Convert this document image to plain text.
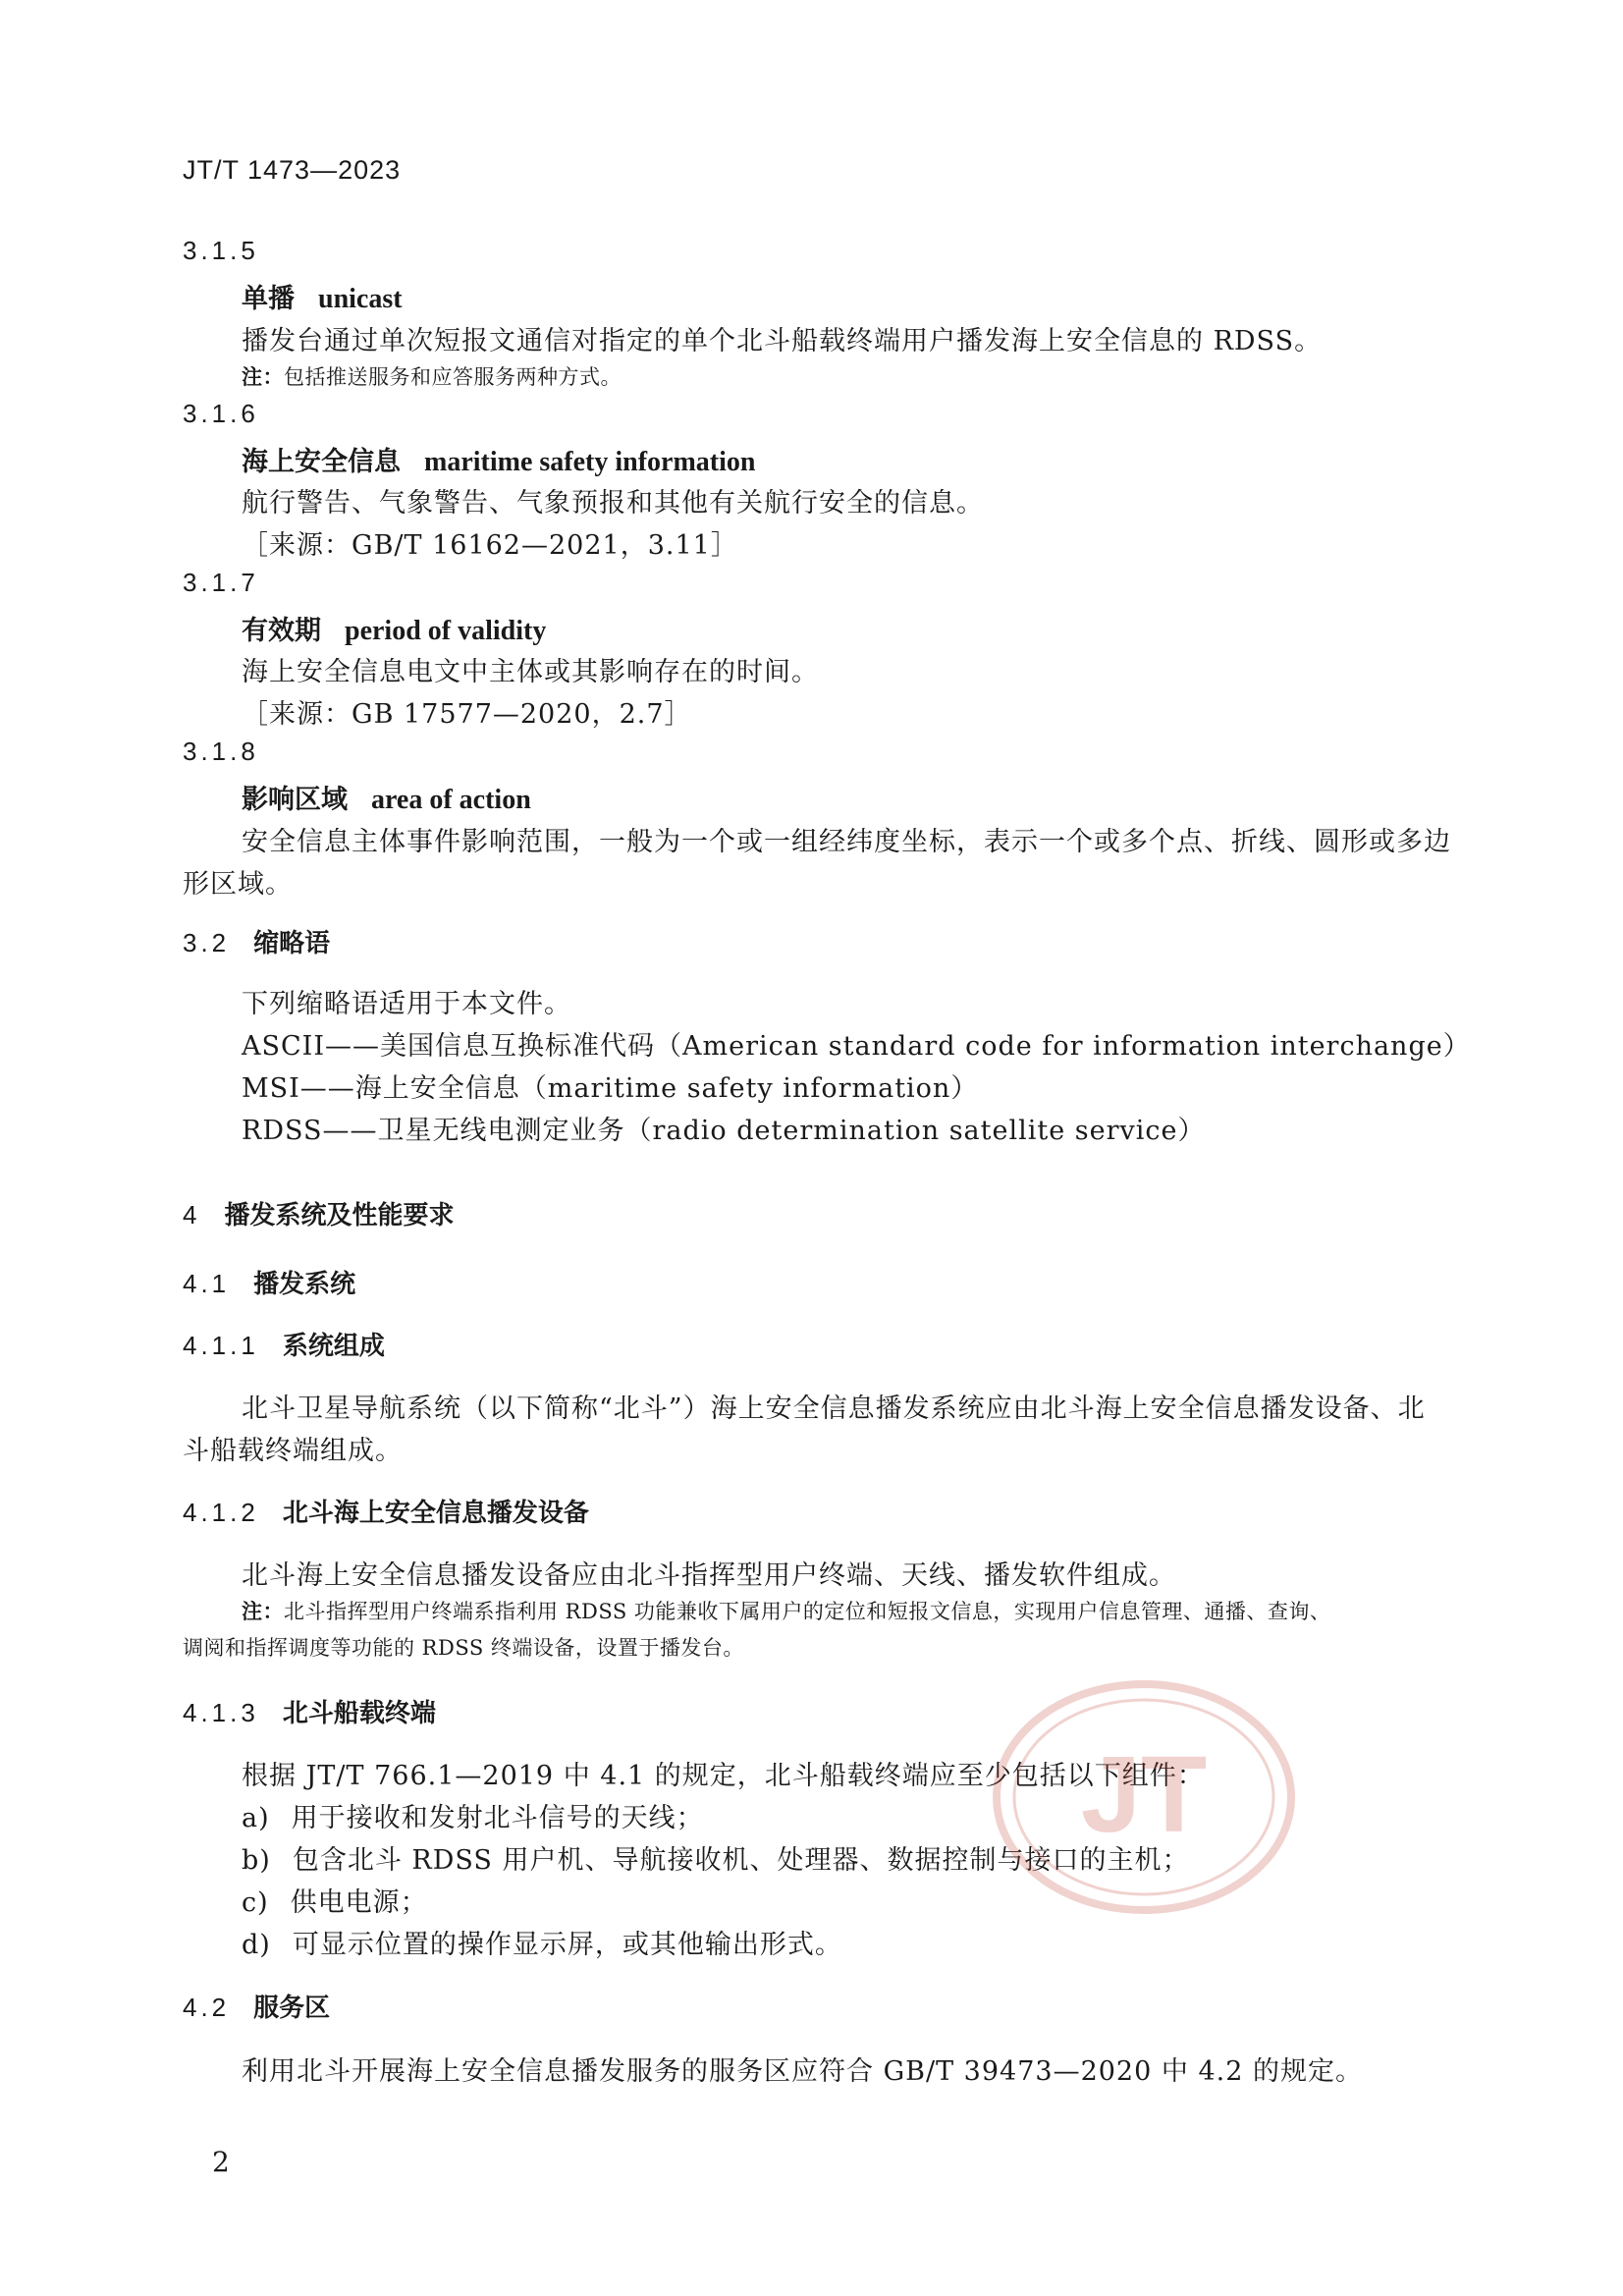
JT/T 1473—2023
3.1.5
单播 unicast
播发台通过单次短报文通信对指定的单个北斗船载终端用户播发海上安全信息的 RDSS。
注：包括推送服务和应答服务两种方式。
3.1.6
海上安全信息 maritime safety information
航行警告、气象警告、气象预报和其他有关航行安全的信息。
［来源：GB/T 16162—2021，3.11］
3.1.7
有效期 period of validity
海上安全信息电文中主体或其影响存在的时间。
［来源：GB 17577—2020，2.7］
3.1.8
影响区域 area of action
安全信息主体事件影响范围，一般为一个或一组经纬度坐标，表示一个或多个点、折线、圆形或多边
形区域。
3.2 缩略语
下列缩略语适用于本文件。
ASCII——美国信息互换标准代码（American standard code for information interchange）
MSI——海上安全信息（maritime safety information）
RDSS——卫星无线电测定业务（radio determination satellite service）
4 播发系统及性能要求
4.1 播发系统
4.1.1 系统组成
北斗卫星导航系统（以下简称“北斗”）海上安全信息播发系统应由北斗海上安全信息播发设备、北
斗船载终端组成。
4.1.2 北斗海上安全信息播发设备
北斗海上安全信息播发设备应由北斗指挥型用户终端、天线、播发软件组成。
注：北斗指挥型用户终端系指利用 RDSS 功能兼收下属用户的定位和短报文信息，实现用户信息管理、通播、查询、
调阅和指挥调度等功能的 RDSS 终端设备，设置于播发台。
4.1.3 北斗船载终端
根据 JT/T 766.1—2019 中 4.1 的规定，北斗船载终端应至少包括以下组件：
a) 用于接收和发射北斗信号的天线；
b) 包含北斗 RDSS 用户机、导航接收机、处理器、数据控制与接口的主机；
c) 供电电源；
d) 可显示位置的操作显示屏，或其他输出形式。
4.2 服务区
利用北斗开展海上安全信息播发服务的服务区应符合 GB/T 39473—2020 中 4.2 的规定。
2
JT
